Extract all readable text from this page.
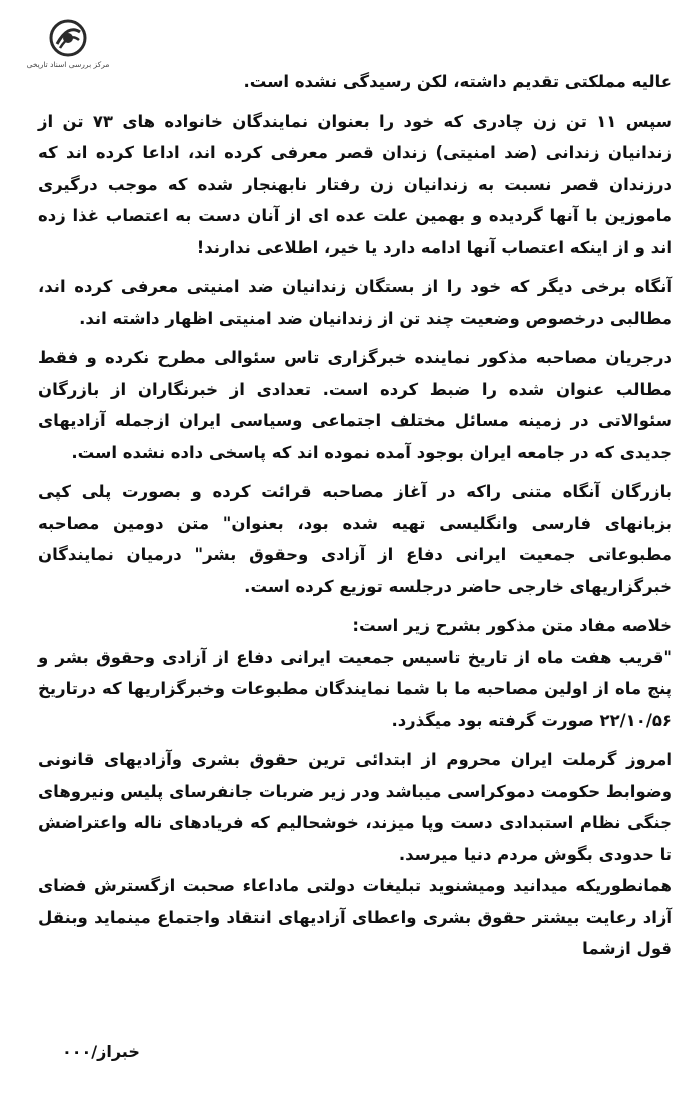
مرکز بررسی اسناد تاریخی

عالیه مملکتی تقدیم داشته، لکن رسیدگی نشده است.

سپس ۱۱ تن زن چادری که خود را بعنوان نمایندگان خانواده های ۷۳ تن از زندانیان زندانی (ضد امنیتی) زندان قصر معرفی کرده اند، اداعا کرده اند که درزندان قصر نسبت به زندانیان زن رفتار نابهنجار شده که موجب درگیری ماموزین با آنها گردیده و بهمین علت عده ای از آنان دست به اعتصاب غذا زده اند و از اینکه اعتصاب آنها ادامه دارد یا خیر، اطلاعی ندارند!

آنگاه برخی دیگر که خود را از بستگان زندانیان ضد امنیتی معرفی کرده اند، مطالبی درخصوص وضعیت چند تن از زندانیان ضد امنیتی اظهار داشته اند.

درجریان مصاحبه مذکور نماینده خبرگزاری تاس سئوالی مطرح نکرده و فقط مطالب عنوان شده را ضبط کرده است. تعدادی از خبرنگاران از بازرگان سئوالاتی در زمینه مسائل مختلف اجتماعی وسیاسی ایران ازجمله آزادیهای جدیدی که در جامعه ایران بوجود آمده نموده اند که پاسخی داده نشده است.

بازرگان آنگاه متنی راکه در آغاز مصاحبه قرائت کرده و بصورت پلی کپی بزبانهای فارسی وانگلیسی تهیه شده بود، بعنوان" متن دومین مصاحبه مطبوعاتی جمعیت ایرانی دفاع از آزادی وحقوق بشر" درمیان نمایندگان خبرگزاریهای خارجی حاضر درجلسه توزیع کرده است.

خلاصه مفاد متن مذکور بشرح زیر است:

"قریب هفت ماه از تاریخ تاسیس جمعیت ایرانی دفاع از آزادی وحقوق بشر و پنج ماه از اولین مصاحبه ما با شما نمایندگان مطبوعات وخبرگزاریها که درتاریخ ۲۲/۱۰/۵۶ صورت گرفته بود میگذرد.

امروز گرملت ایران محروم از ابتدائی ترین حقوق بشری وآزادیهای قانونی وضوابط حکومت دموکراسی میباشد ودر زیر ضربات جانفرسای پلیس ونیروهای جنگی نظام استبدادی دست وپا میزند، خوشحالیم که فریادهای ناله واعتراضش تا حدودی بگوش مردم دنیا میرسد.

همانطوریکه میدانید ومیشنوید تبلیغات دولتی ماداعاء صحبت ازگسترش فضای آزاد رعایت بیشتر حقوق بشری واعطای آزادیهای انتقاد واجتماع مینماید وبنقل قول ازشما

خبراز/۰۰۰
